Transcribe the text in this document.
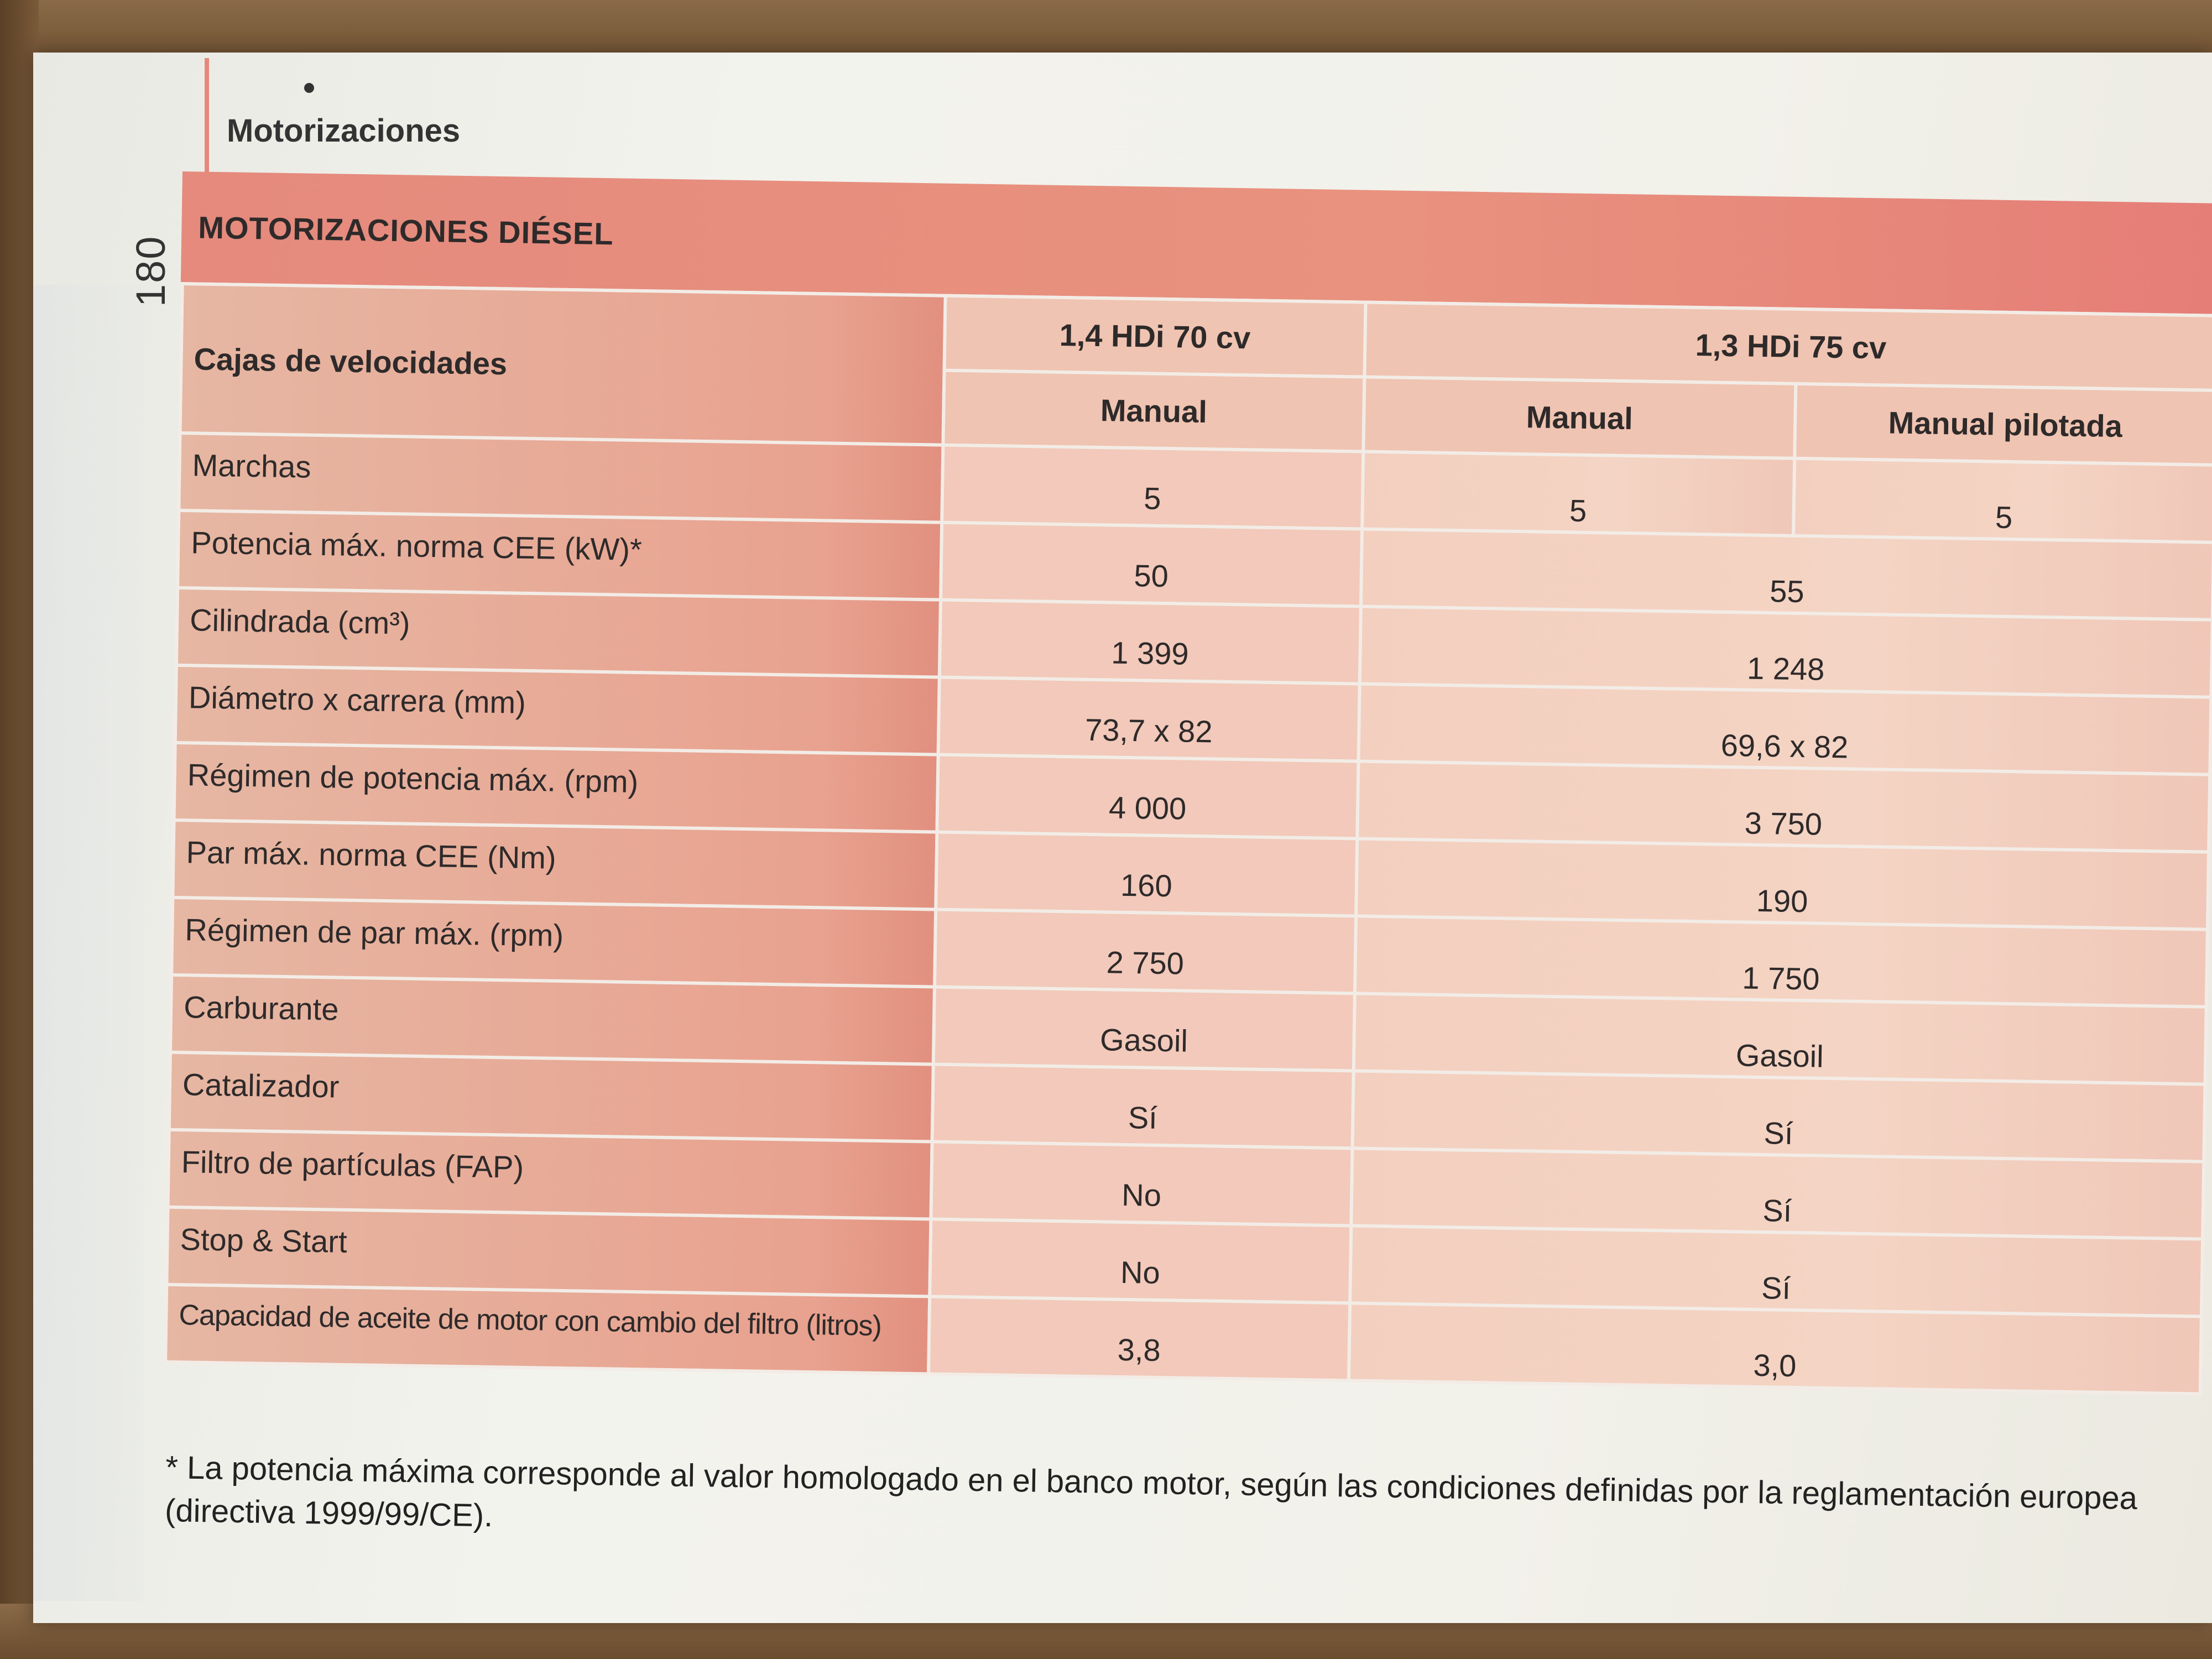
Motorizaciones
180
MOTORIZACIONES DIÉSEL
Cajas de velocidades	1,4 HDi 70 cv	1,3 HDi 75 cv	
	Manual	Manual	Manual pilotada
Marchas	5	5	5
Potencia máx. norma CEE (kW)*	50	55	
Cilindrada (cm³)	1 399	1 248	
Diámetro x carrera (mm)	73,7 x 82	69,6 x 82	
Régimen de potencia máx. (rpm)	4 000	3 750	
Par máx. norma CEE (Nm)	160	190	
Régimen de par máx. (rpm)	2 750	1 750	
Carburante	Gasoil	Gasoil	
Catalizador	Sí	Sí	
Filtro de partículas (FAP)	No	Sí	
Stop & Start	No	Sí	
Capacidad de aceite de motor con cambio del filtro (litros)	3,8	3,0	
* La potencia máxima corresponde al valor homologado en el banco motor, según las condiciones definidas por la reglamentación europea (directiva 1999/99/CE).
